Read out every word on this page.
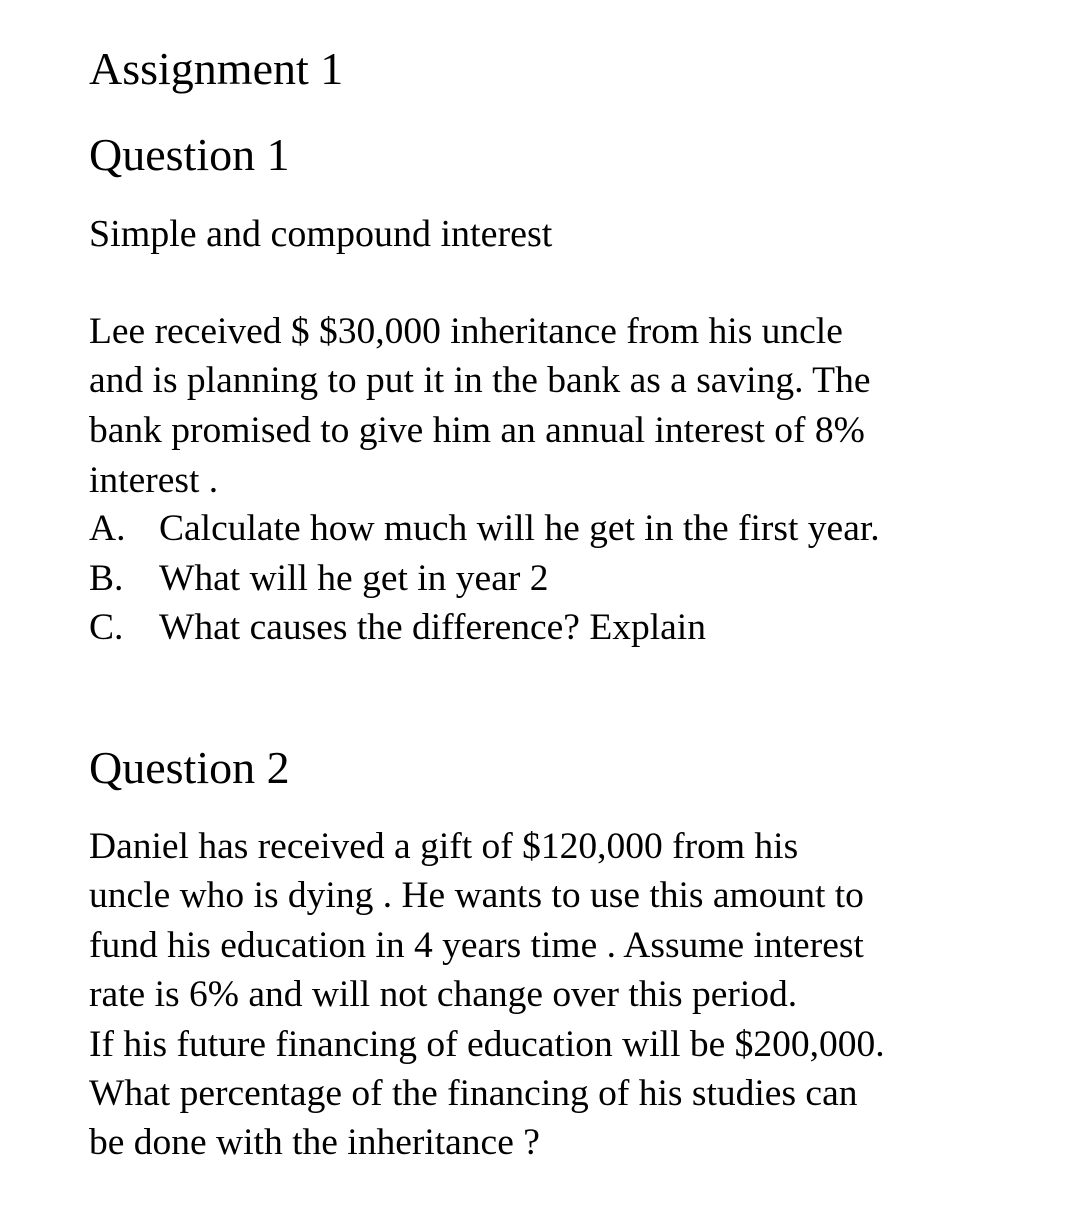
Assignment 1
Question 1
Simple and compound interest
Lee received $ $30,000 inheritance from his uncle
and is planning to put it in the bank as a saving. The
bank promised to give him an annual interest of 8%
interest .
A. Calculate how much will he get in the first year.
B. What will he get in year 2
C. What causes the difference? Explain
Question 2
Daniel has received a gift of $120,000 from his
uncle who is dying . He wants to use this amount to
fund his education in 4 years time . Assume interest
rate is 6% and will not change over this period.
If his future financing of education will be $200,000.
What percentage of the financing of his studies can
be done with the inheritance ?
